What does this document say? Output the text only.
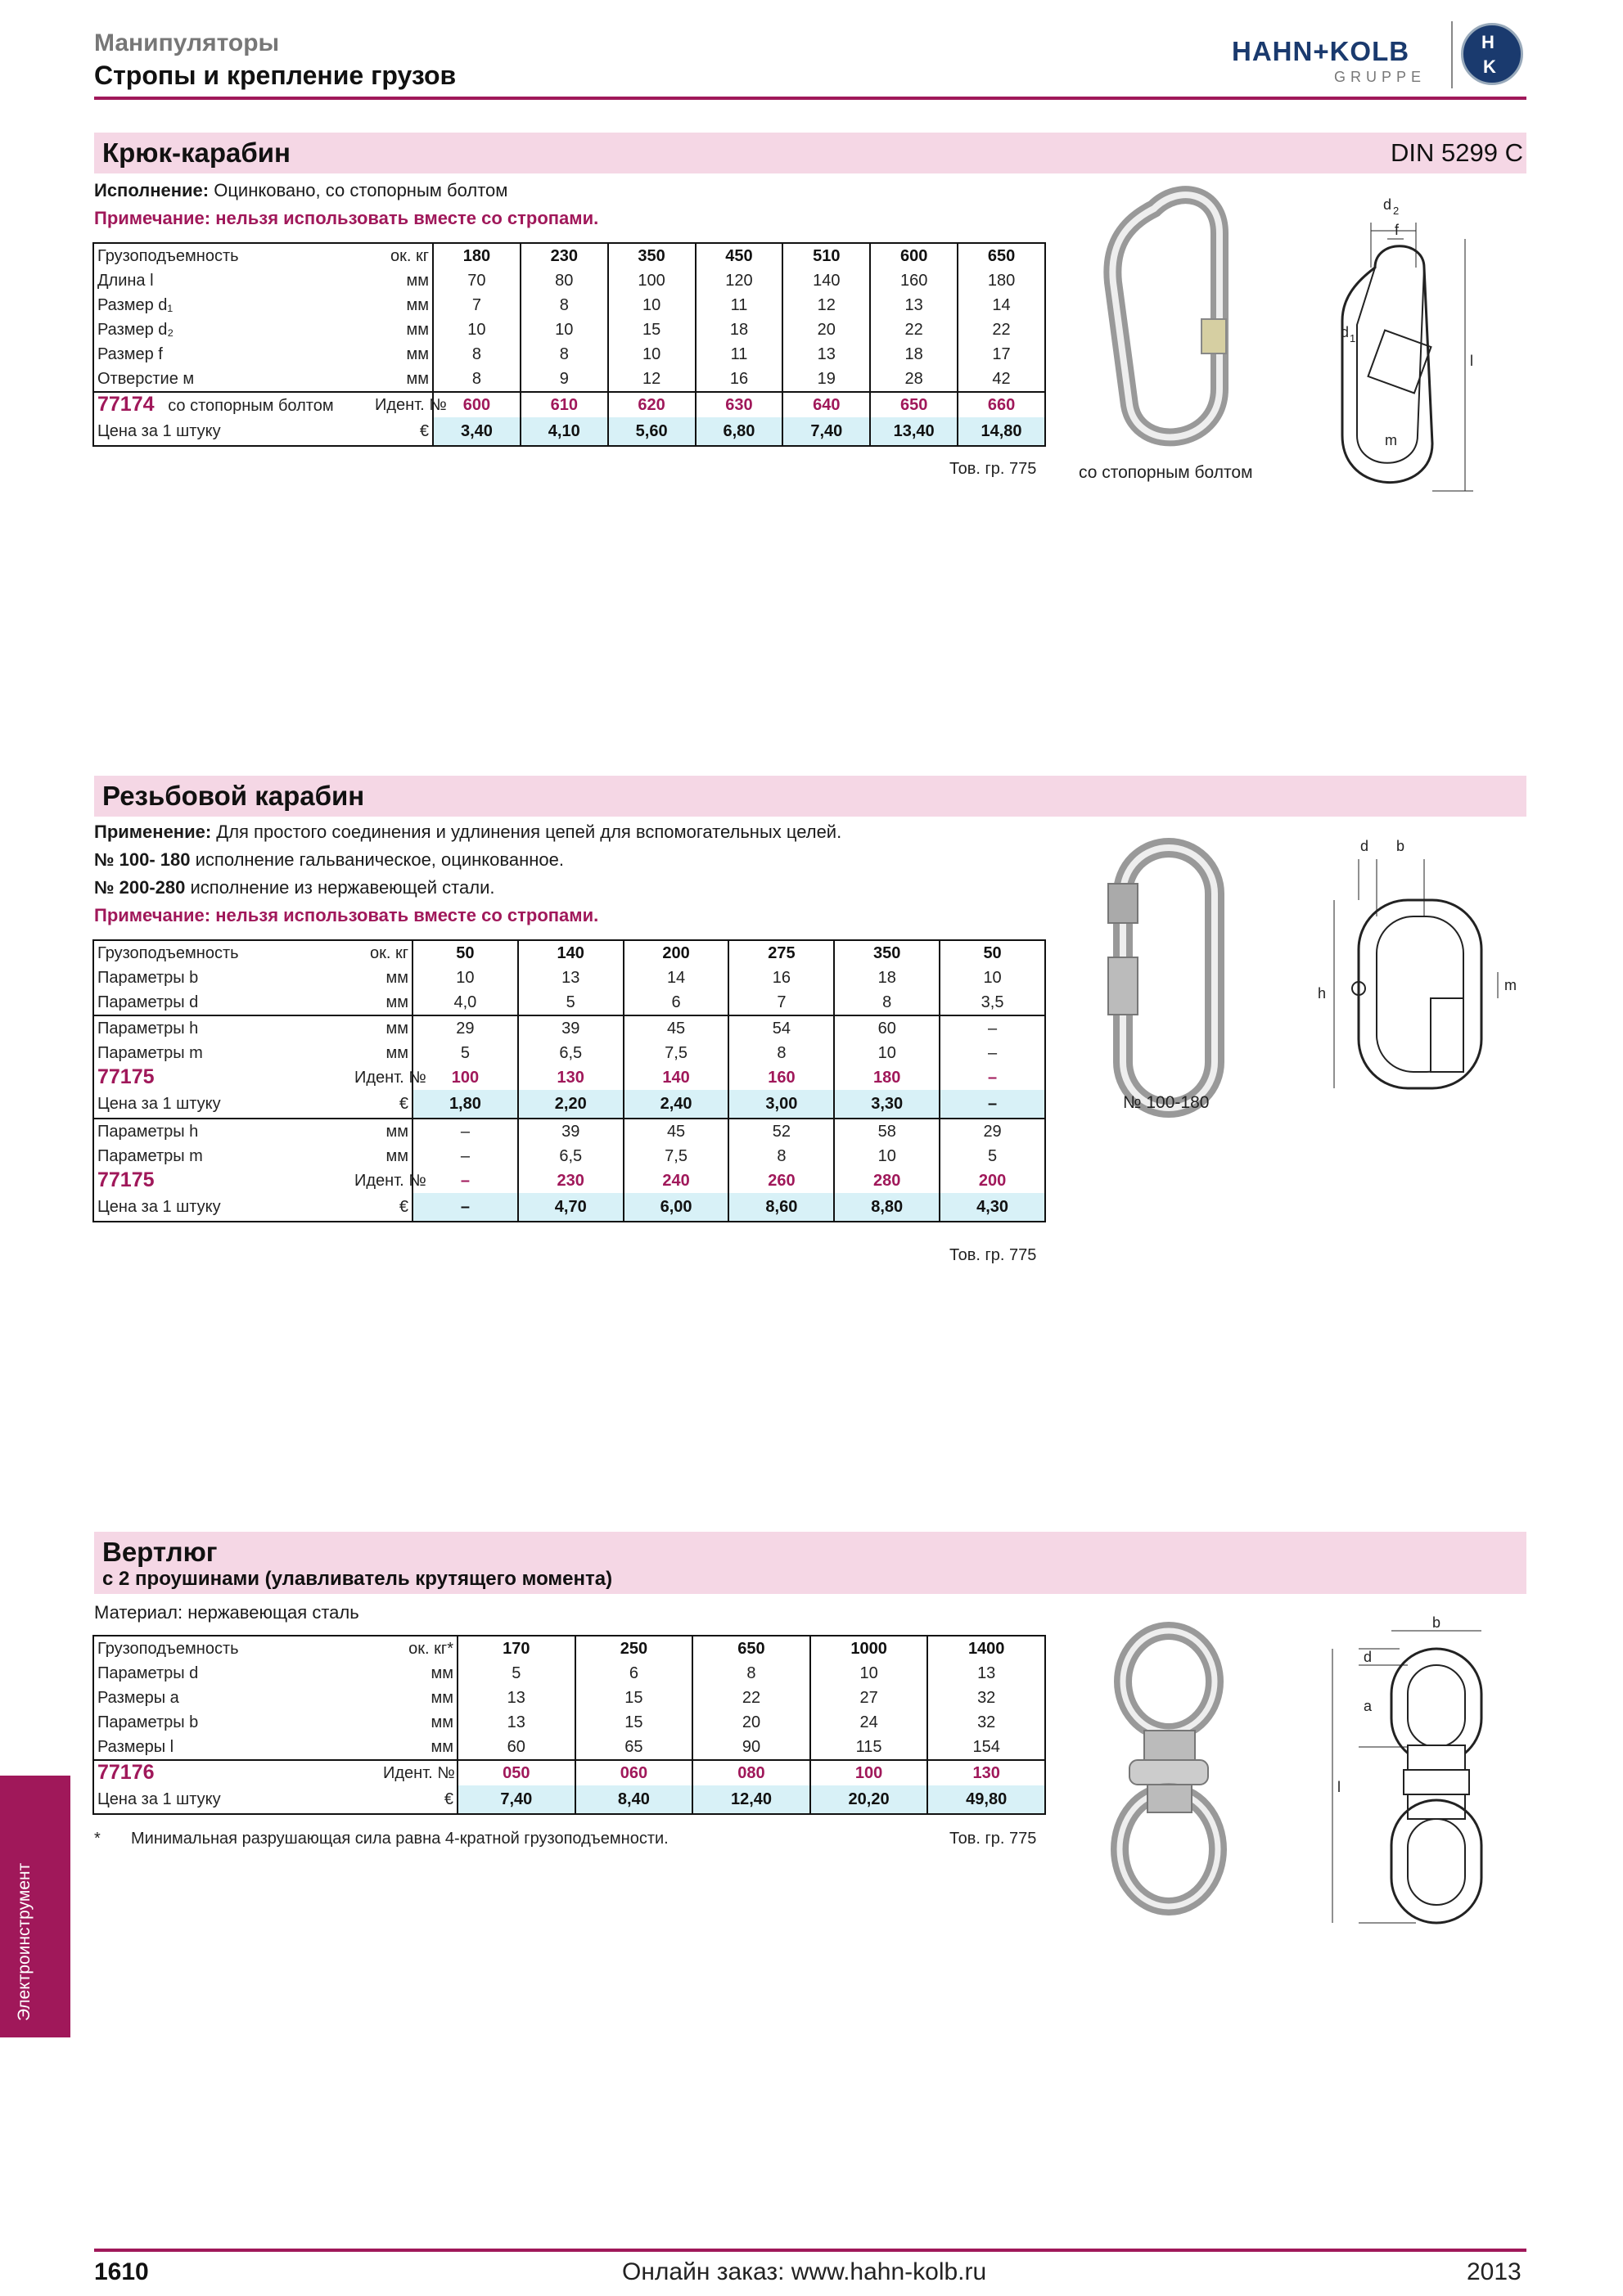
Манипуляторы
Стропы и крепление грузов
HAHN+KOLB
GRUPPE
H
K
Крюк-карабин	DIN 5299 C
Исполнение: Оцинковано, со стопорным болтом
Примечание: нельзя использовать вместе со стропами.
Грузоподъемность	ок. кг	180	230	350	450	510	600	650
Длина l	мм	70	80	100	120	140	160	180
Размер d₁	мм	7	8	10	11	12	13	14
Размер d₂	мм	10	10	15	18	20	22	22
Размер f	мм	8	8	10	11	13	18	17
Отверстие м	мм	8	9	12	16	19	28	42
77174 со стопорным болтом	Идент. №	600	610	620	630	640	650	660
Цена за 1 штуку	€	3,40	4,10	5,60	6,80	7,40	13,40	14,80
Тов. гр. 775 со стопорным болтом
d 2
f
d 1
l
m
Резьбовой карабин
Применение: Для простого соединения и удлинения цепей для вспомогательных целей.
№ 100- 180 исполнение гальваническое, оцинкованное.
№ 200-280 исполнение из нержавеющей стали.
Примечание: нельзя использовать вместе со стропами.
Грузоподъемность	ок. кг	50	140	200	275	350	50
Параметры b	мм	10	13	14	16	18	10
Параметры d	мм	4,0	5	6	7	8	3,5
Параметры h	мм	29	39	45	54	60	–
Параметры m	мм	5	6,5	7,5	8	10	–
77175	Идент. №	100	130	140	160	180	–
Цена за 1 штуку	€	1,80	2,20	2,40	3,00	3,30	–
Параметры h	мм	–	39	45	52	58	29
Параметры m	мм	–	6,5	7,5	8	10	5
77175	Идент. №	–	230	240	260	280	200
Цена за 1 штуку	€	–	4,70	6,00	8,60	8,80	4,30
Тов. гр. 775
№ 100-180
d b
h	m
Вертлюг
с 2 проушинами (улавливатель крутящего момента)
Материал: нержавеющая сталь
Грузоподъемность	ок. кг*	170	250	650	1000	1400
Параметры d	мм	5	6	8	10	13
Размеры a	мм	13	15	22	27	32
Параметры b	мм	13	15	20	24	32
Размеры l	мм	60	65	90	115	154
77176	Идент. №	050	060	080	100	130
Цена за 1 штуку	€	7,40	8,40	12,40	20,20	49,80
* Минимальная разрушающая сила равна 4-кратной грузоподъемности.	Тов. гр. 775
b
d
a
l
Электроинструмент
1610	Онлайн заказ: www.hahn-kolb.ru	2013
